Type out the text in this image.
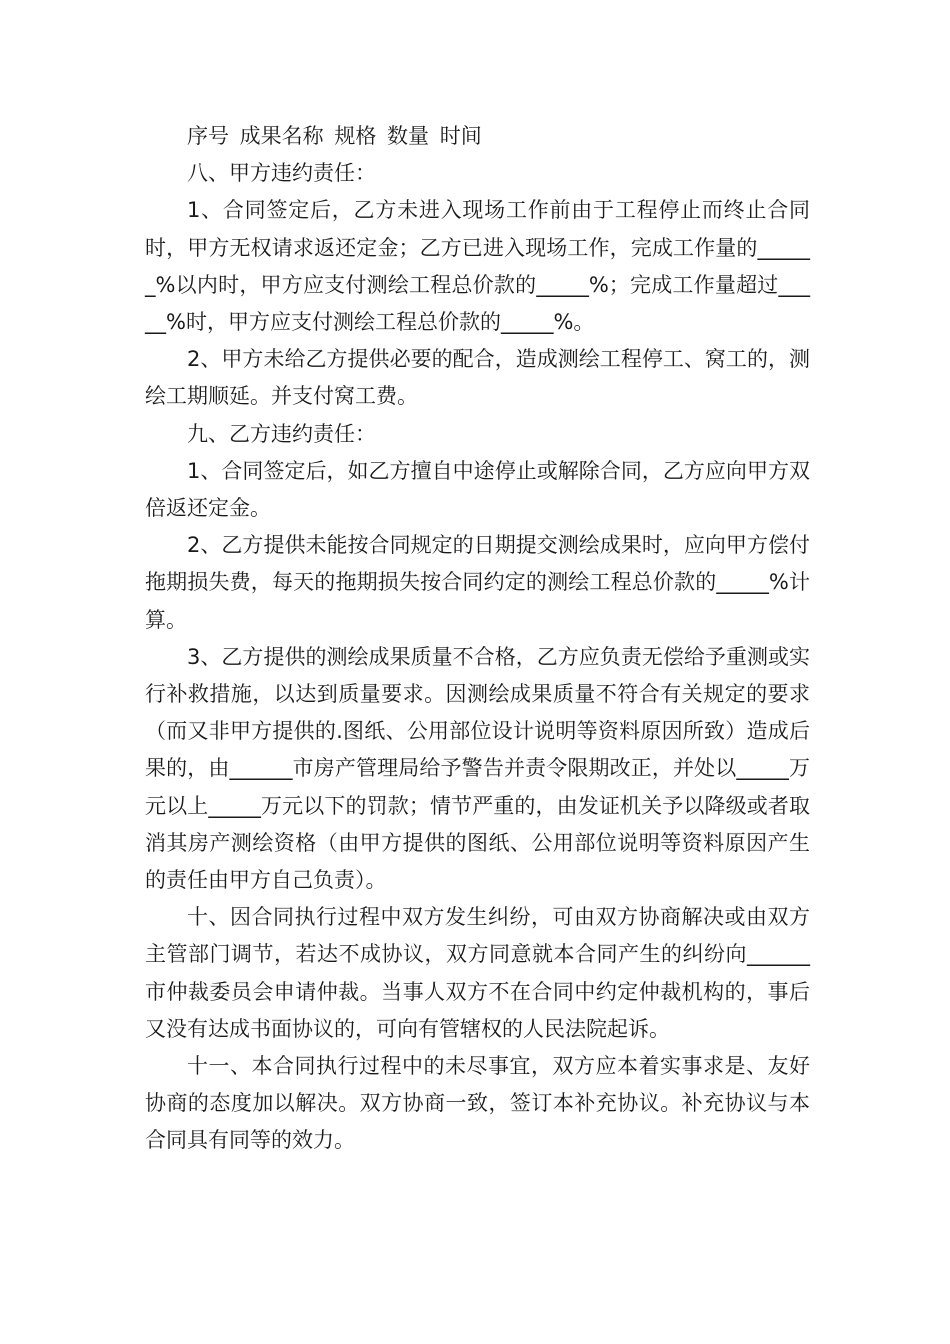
序号 成果名称 规格 数量 时间

八、甲方违约责任：

1、合同签定后，乙方未进入现场工作前由于工程停止而终止合同时，甲方无权请求返还定金；乙方已进入现场工作，完成工作量的______%以内时，甲方应支付测绘工程总价款的_____%；完成工作量超过_____%时，甲方应支付测绘工程总价款的_____%。

2、甲方未给乙方提供必要的配合，造成测绘工程停工、窝工的，测绘工期顺延。并支付窝工费。

九、乙方违约责任：

1、合同签定后，如乙方擅自中途停止或解除合同，乙方应向甲方双倍返还定金。

2、乙方提供未能按合同规定的日期提交测绘成果时，应向甲方偿付拖期损失费，每天的拖期损失按合同约定的测绘工程总价款的_____%计算。

3、乙方提供的测绘成果质量不合格，乙方应负责无偿给予重测或实行补救措施，以达到质量要求。因测绘成果质量不符合有关规定的要求（而又非甲方提供的.图纸、公用部位设计说明等资料原因所致）造成后果的，由______市房产管理局给予警告并责令限期改正，并处以_____万元以上_____万元以下的罚款；情节严重的，由发证机关予以降级或者取消其房产测绘资格（由甲方提供的图纸、公用部位说明等资料原因产生的责任由甲方自己负责）。

十、因合同执行过程中双方发生纠纷，可由双方协商解决或由双方主管部门调节，若达不成协议，双方同意就本合同产生的纠纷向______市仲裁委员会申请仲裁。当事人双方不在合同中约定仲裁机构的，事后又没有达成书面协议的，可向有管辖权的人民法院起诉。

十一、本合同执行过程中的未尽事宜，双方应本着实事求是、友好协商的态度加以解决。双方协商一致，签订本补充协议。补充协议与本合同具有同等的效力。
